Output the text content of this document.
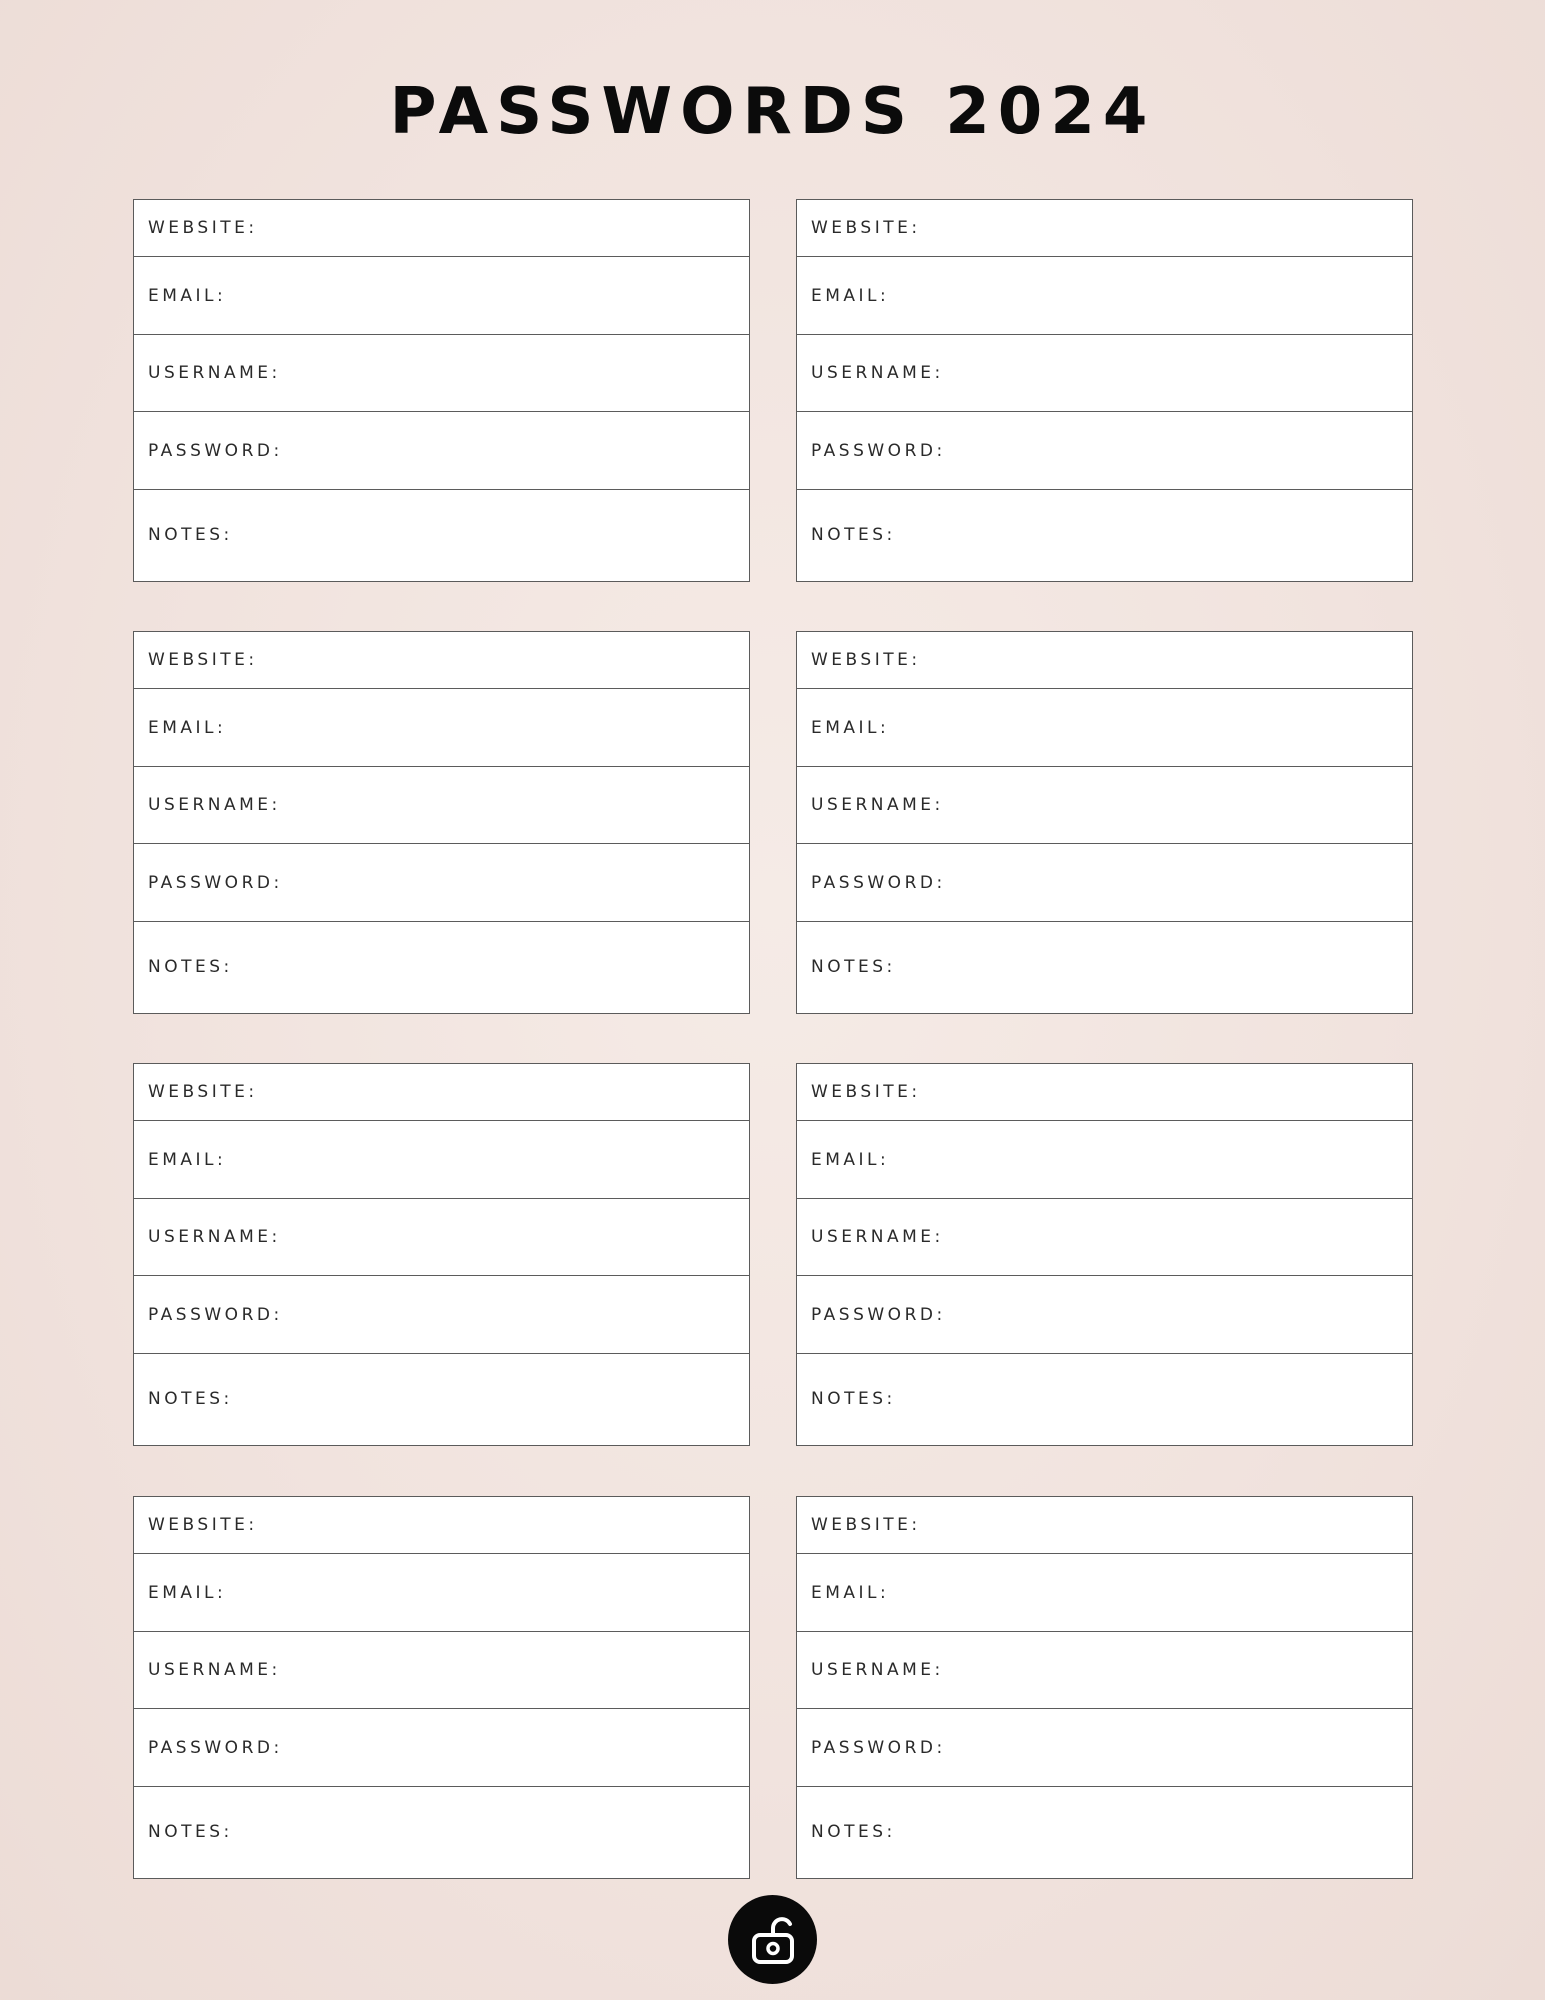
PASSWORDS 2024
WEBSITE:
EMAIL:
USERNAME:
PASSWORD:
NOTES:
WEBSITE:
EMAIL:
USERNAME:
PASSWORD:
NOTES:
WEBSITE:
EMAIL:
USERNAME:
PASSWORD:
NOTES:
WEBSITE:
EMAIL:
USERNAME:
PASSWORD:
NOTES:
WEBSITE:
EMAIL:
USERNAME:
PASSWORD:
NOTES:
WEBSITE:
EMAIL:
USERNAME:
PASSWORD:
NOTES:
WEBSITE:
EMAIL:
USERNAME:
PASSWORD:
NOTES:
WEBSITE:
EMAIL:
USERNAME:
PASSWORD:
NOTES:
